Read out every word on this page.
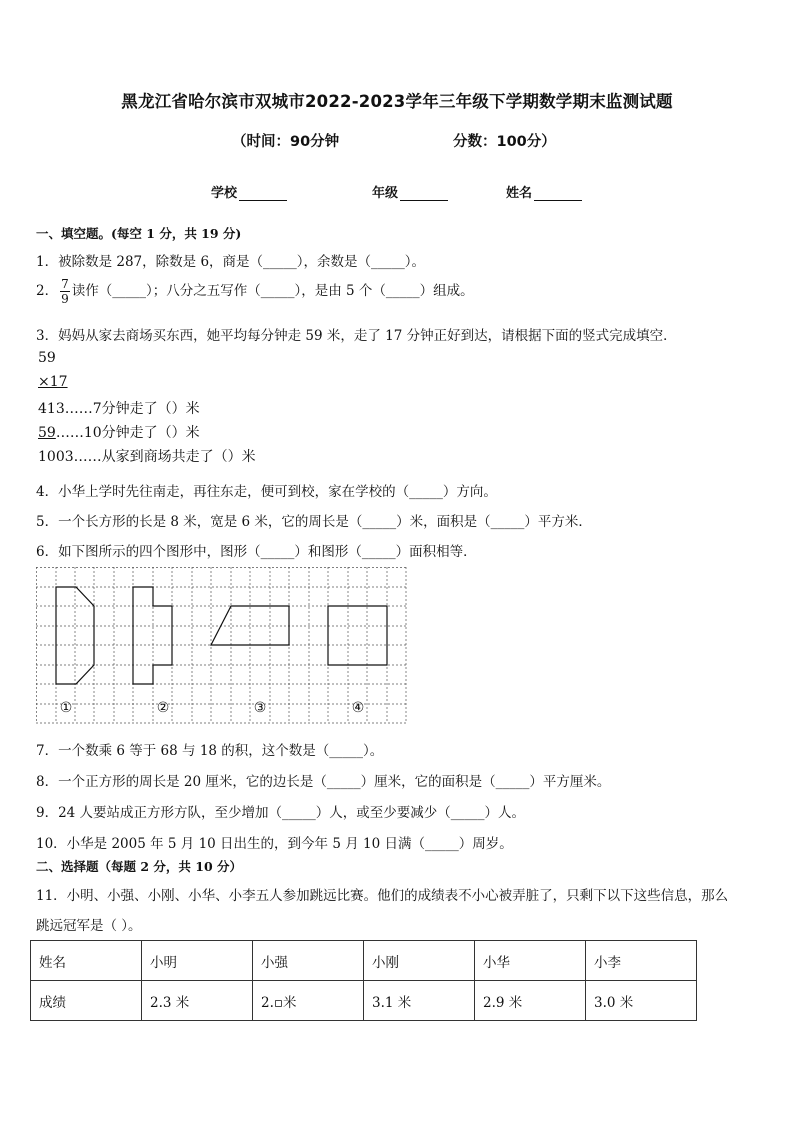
黑龙江省哈尔滨市双城市2022-2023学年三年级下学期数学期末监测试题
（时间：90分钟	分数：100分）
学校	年级	姓名
一、填空题。(每空 1 分，共 19 分)
1．被除数是 287，除数是 6，商是（_____），余数是（_____）。
2． $\frac{7}{9}$ 读作（_____）；八分之五写作（_____），是由 5 个（_____）组成。
3．妈妈从家去商场买东西，她平均每分钟走 59 米，走了 17 分钟正好到达，请根据下面的竖式完成填空．
59
×17
413……7分钟走了（）米
59……10分钟走了（）米
1003……从家到商场共走了（）米
4．小华上学时先往南走，再往东走，便可到校，家在学校的（_____）方向。
5．一个长方形的长是 8 米，宽是 6 米，它的周长是（_____）米，面积是（_____）平方米．
6．如下图所示的四个图形中，图形（_____）和图形（_____）面积相等．
①	②	③	④
7．一个数乘 6 等于 68 与 18 的积，这个数是（_____）。
8．一个正方形的周长是 20 厘米，它的边长是（_____）厘米，它的面积是（_____）平方厘米。
9．24 人要站成正方形方队，至少增加（_____）人，或至少要减少（_____）人。
10．小华是 2005 年 5 月 10 日出生的，到今年 5 月 10 日满（_____）周岁。
二、选择题（每题 2 分，共 10 分）
11．小明、小强、小刚、小华、小李五人参加跳远比赛。他们的成绩表不小心被弄脏了，只剩下以下这些信息，那么
跳远冠军是（ ）。
姓名	小明	小强	小刚	小华	小李
成绩	2.3 米	2.▫米	3.1 米	2.9 米	3.0 米
